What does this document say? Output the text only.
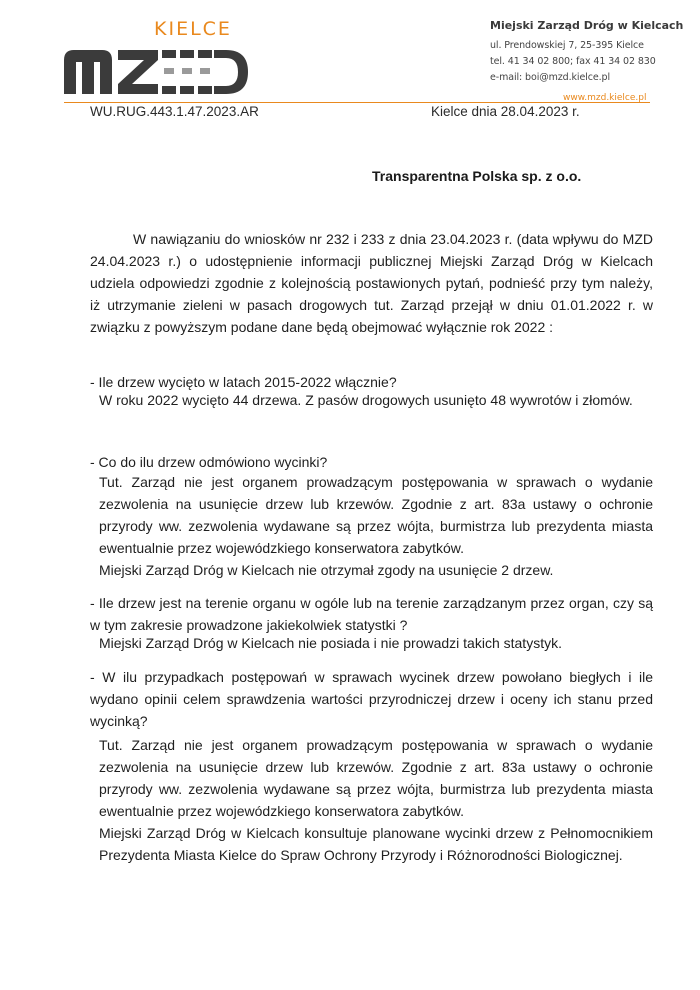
KIELCE	Miejski Zarząd Dróg w Kielcach
ul. Prendowskiej 7, 25-395 Kielce
tel. 41 34 02 800; fax 41 34 02 830
e-mail: boi@mzd.kielce.pl
www.mzd.kielce.pl
WU.RUG.443.1.47.2023.AR	Kielce dnia 28.04.2023 r.
Transparentna Polska sp. z o.o.
W nawiązaniu do wniosków nr 232 i 233 z dnia 23.04.2023 r. (data wpływu do MZD 24.04.2023 r.) o udostępnienie informacji publicznej Miejski Zarząd Dróg w Kielcach udziela odpowiedzi zgodnie z kolejnością postawionych pytań, podnieść przy tym należy, iż utrzymanie zieleni w pasach drogowych tut. Zarząd przejął w dniu 01.01.2022 r. w związku z powyższym podane dane będą obejmować wyłącznie rok 2022 :
- Ile drzew wycięto w latach 2015-2022 włącznie?

W roku 2022 wycięto 44 drzewa. Z pasów drogowych usunięto 48 wywrotów i złomów.

- Co do ilu drzew odmówiono wycinki?

Tut. Zarząd nie jest organem prowadzącym postępowania w sprawach o wydanie zezwolenia na usunięcie drzew lub krzewów. Zgodnie z art. 83a ustawy o ochronie przyrody ww. zezwolenia wydawane są przez wójta, burmistrza lub prezydenta miasta ewentualnie przez wojewódzkiego konserwatora zabytków.

Miejski Zarząd Dróg w Kielcach nie otrzymał zgody na usunięcie 2 drzew.

- Ile drzew jest na terenie organu w ogóle lub na terenie zarządzanym przez organ, czy są w tym zakresie prowadzone jakiekolwiek statystki ?

Miejski Zarząd Dróg w Kielcach nie posiada i nie prowadzi takich statystyk.

- W ilu przypadkach postępowań w sprawach wycinek drzew powołano biegłych i ile wydano opinii celem sprawdzenia wartości przyrodniczej drzew i oceny ich stanu przed wycinką?

Tut. Zarząd nie jest organem prowadzącym postępowania w sprawach o wydanie zezwolenia na usunięcie drzew lub krzewów. Zgodnie z art. 83a ustawy o ochronie przyrody ww. zezwolenia wydawane są przez wójta, burmistrza lub prezydenta miasta ewentualnie przez wojewódzkiego konserwatora zabytków.

Miejski Zarząd Dróg w Kielcach konsultuje planowane wycinki drzew z Pełnomocnikiem Prezydenta Miasta Kielce do Spraw Ochrony Przyrody i Różnorodności Biologicznej.
